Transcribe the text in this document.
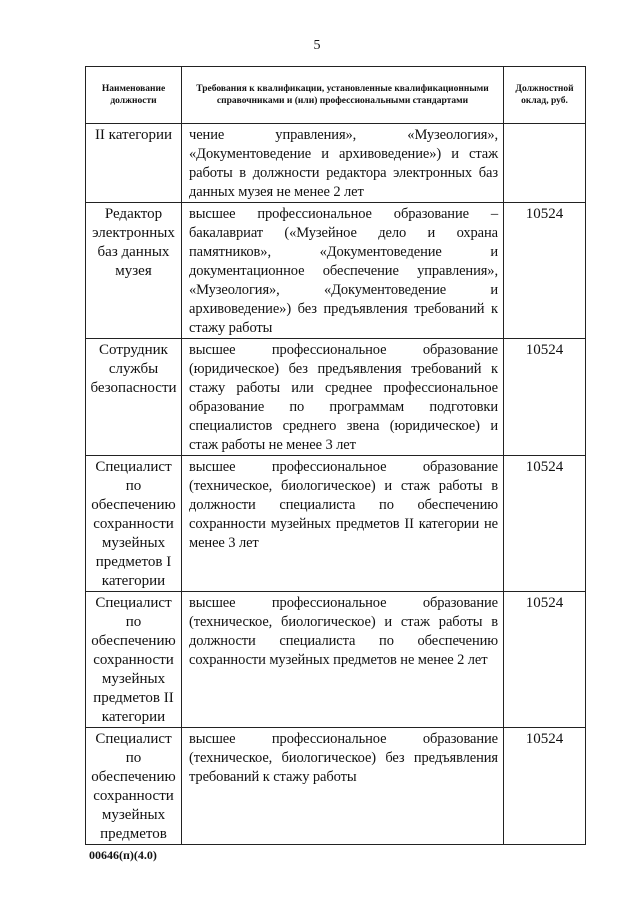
5
Наименование должности	Требования к квалификации, установленные квалификационными справочниками и (или) профессиональными стандартами	Должностной оклад, руб.
II категории	чение управления», «Музеология», «Документоведение и архивоведение») и стаж работы в должности редактора электронных баз данных музея не менее 2 лет	
Редактор электронных баз данных музея	высшее профессиональное образование – бакалавриат («Музейное дело и охрана памятников», «Документоведение и документационное обеспечение управления», «Музеология», «Документоведение и архивоведение») без предъявления требований к стажу работы	10524
Сотрудник службы безопасности	высшее профессиональное образование (юридическое) без предъявления требований к стажу работы или среднее профессиональное образование по программам подготовки специалистов среднего звена (юридическое) и стаж работы не менее 3 лет	10524
Специалист по обеспечению сохранности музейных предметов I категории	высшее профессиональное образование (техническое, биологическое) и стаж работы в должности специалиста по обеспечению сохранности музейных предметов II категории не менее 3 лет	10524
Специалист по обеспечению сохранности музейных предметов II категории	высшее профессиональное образование (техническое, биологическое) и стаж работы в должности специалиста по обеспечению сохранности музейных предметов не менее 2 лет	10524
Специалист по обеспечению сохранности музейных предметов	высшее профессиональное образование (техническое, биологическое) без предъявления требований к стажу работы	10524
00646(п)(4.0)
